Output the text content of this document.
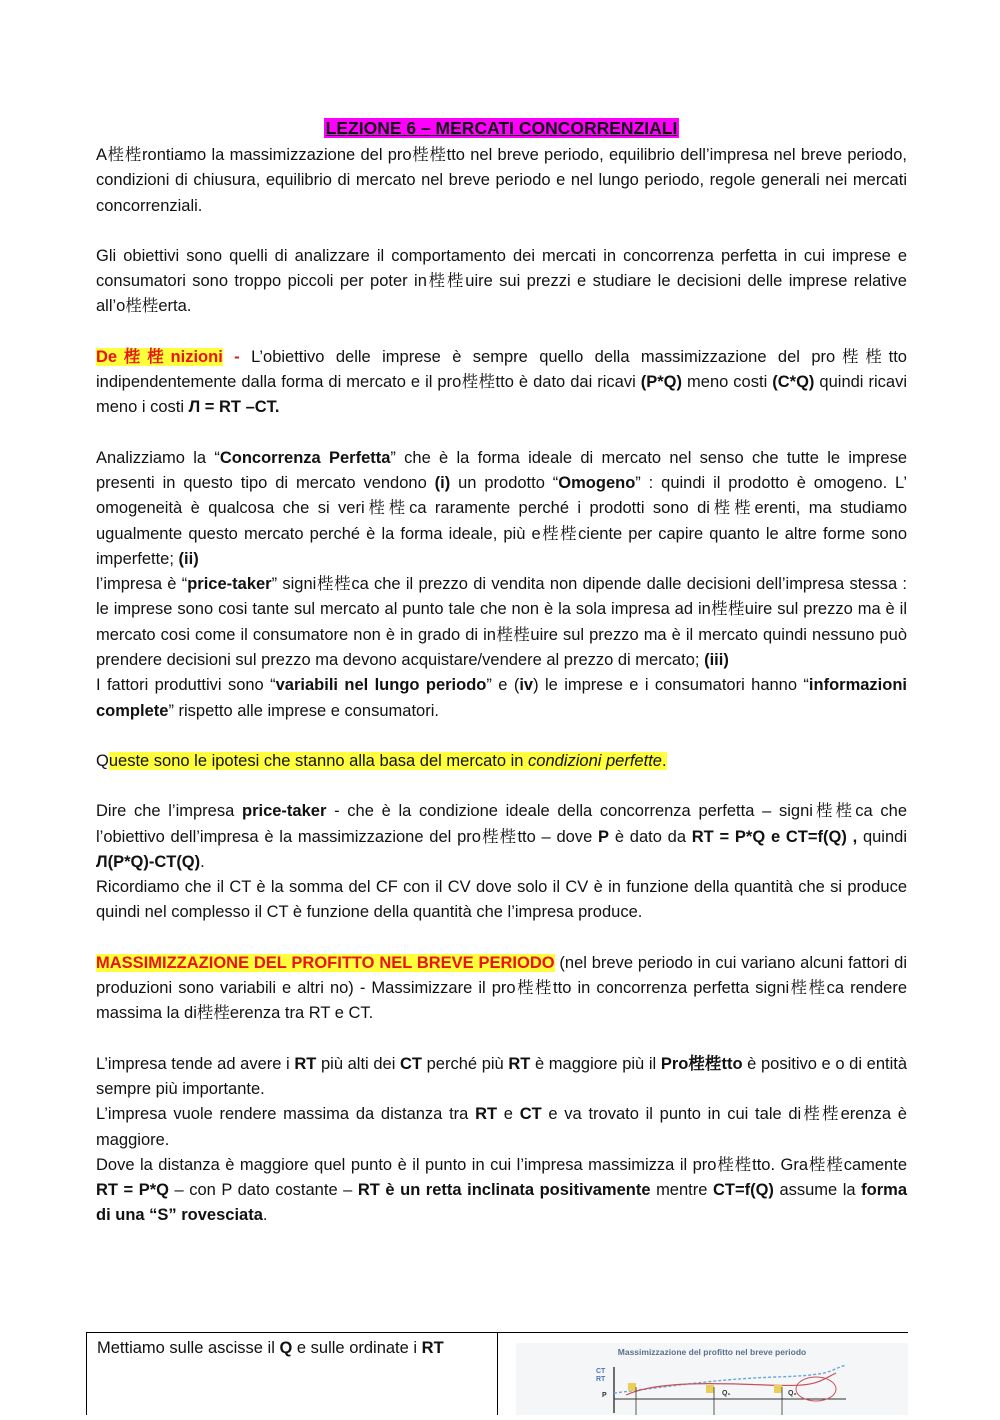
LEZIONE 6 – MERCATI CONCORRENZIALI

A梐梐rontiamo la massimizzazione del pro梐梐tto nel breve periodo, equilibrio dell’impresa nel breve periodo, condizioni di chiusura, equilibrio di mercato nel breve periodo e nel lungo periodo, regole generali nei mercati concorrenziali.

Gli obiettivi sono quelli di analizzare il comportamento dei mercati in concorrenza perfetta in cui imprese e consumatori sono troppo piccoli per poter in梐梐uire sui prezzi e studiare le decisioni delle imprese relative all’o梐梐erta.

De梐梐nizioni - L’obiettivo delle imprese è sempre quello della massimizzazione del pro梐梐tto indipendentemente dalla forma di mercato e il pro梐梐tto è dato dai ricavi (P*Q) meno costi (C*Q) quindi ricavi meno i costi Л = RT –CT.

Analizziamo la “Concorrenza Perfetta” che è la forma ideale di mercato nel senso che tutte le imprese presenti in questo tipo di mercato vendono (i) un prodotto “Omogeno” : quindi il prodotto è omogeno. L’ omogeneità è qualcosa che si veri梐梐ca raramente perché i prodotti sono di梐梐erenti, ma studiamo ugualmente questo mercato perché è la forma ideale, più e梐梐ciente per capire quanto le altre forme sono imperfette; (ii)
l’impresa è “price-taker” signi梐梐ca che il prezzo di vendita non dipende dalle decisioni dell’impresa stessa : le imprese sono cosi tante sul mercato al punto tale che non è la sola impresa ad in梐梐uire sul prezzo ma è il mercato cosi come il consumatore non è in grado di in梐梐uire sul prezzo ma è il mercato quindi nessuno può prendere decisioni sul prezzo ma devono acquistare/vendere al prezzo di mercato; (iii)
I fattori produttivi sono “variabili nel lungo periodo” e (iv) le imprese e i consumatori hanno “informazioni complete” rispetto alle imprese e consumatori.

Queste sono le ipotesi che stanno alla basa del mercato in condizioni perfette.

Dire che l’impresa price-taker - che è la condizione ideale della concorrenza perfetta – signi梐梐ca che l’obiettivo dell’impresa è la massimizzazione del pro梐梐tto – dove P è dato da RT = P*Q e CT=f(Q) , quindi Л(P*Q)-CT(Q).
Ricordiamo che il CT è la somma del CF con il CV dove solo il CV è in funzione della quantità che si produce quindi nel complesso il CT è funzione della quantità che l’impresa produce.

MASSIMIZZAZIONE DEL PROFITTO NEL BREVE PERIODO (nel breve periodo in cui variano alcuni fattori di produzioni sono variabili e altri no) - Massimizzare il pro梐梐tto in concorrenza perfetta signi梐梐ca rendere massima la di梐梐erenza tra RT e CT.

L’impresa tende ad avere i RT più alti dei CT perché più RT è maggiore più il Pro梐梐tto è positivo e o di entità sempre più importante.
L’impresa vuole rendere massima da distanza tra RT e CT e va trovato il punto in cui tale di梐梐erenza è maggiore.
Dove la distanza è maggiore quel punto è il punto in cui l’impresa massimizza il pro梐梐tto. Gra梐梐camente RT = P*Q – con P dato costante – RT è un retta inclinata positivamente mentre CT=f(Q) assume la forma di una “S” rovesciata.

Mettiamo sulle ascisse il Q e sulle ordinate i RT	Massimizzazione del profitto nel breve periodo
CT
RT
P	Q₁	Q₂
